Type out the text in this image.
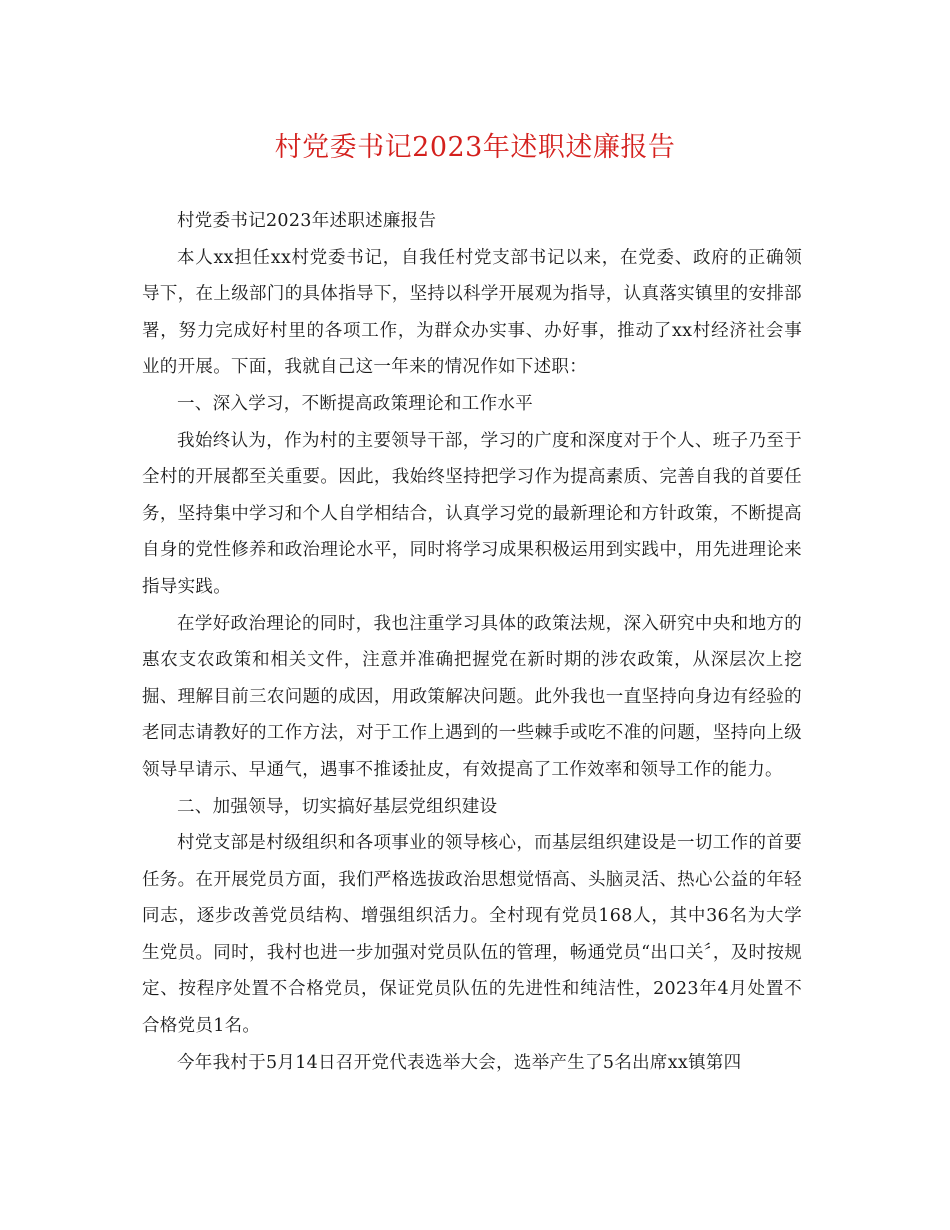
村党委书记2023年述职述廉报告

村党委书记2023年述职述廉报告

本人xx担任xx村党委书记，自我任村党支部书记以来，在党委、政府的正确领导下，在上级部门的具体指导下，坚持以科学开展观为指导，认真落实镇里的安排部署，努力完成好村里的各项工作，为群众办实事、办好事，推动了xx村经济社会事业的开展。下面，我就自己这一年来的情况作如下述职：

一、深入学习，不断提高政策理论和工作水平

我始终认为，作为村的主要领导干部，学习的广度和深度对于个人、班子乃至于全村的开展都至关重要。因此，我始终坚持把学习作为提高素质、完善自我的首要任务，坚持集中学习和个人自学相结合，认真学习党的最新理论和方针政策，不断提高自身的党性修养和政治理论水平，同时将学习成果积极运用到实践中，用先进理论来指导实践。

在学好政治理论的同时，我也注重学习具体的政策法规，深入研究中央和地方的惠农支农政策和相关文件，注意并准确把握党在新时期的涉农政策，从深层次上挖掘、理解目前三农问题的成因，用政策解决问题。此外我也一直坚持向身边有经验的老同志请教好的工作方法，对于工作上遇到的一些棘手或吃不准的问题，坚持向上级领导早请示、早通气，遇事不推诿扯皮，有效提高了工作效率和领导工作的能力。

二、加强领导，切实搞好基层党组织建设

村党支部是村级组织和各项事业的领导核心，而基层组织建设是一切工作的首要任务。在开展党员方面，我们严格选拔政治思想觉悟高、头脑灵活、热心公益的年轻同志，逐步改善党员结构、增强组织活力。全村现有党员168人，其中36名为大学生党员。同时，我村也进一步加强对党员队伍的管理，畅通党员“出口关〞，及时按规定、按程序处置不合格党员，保证党员队伍的先进性和纯洁性，2023年4月处置不合格党员1名。

今年我村于5月14日召开党代表选举大会，选举产生了5名出席xx镇第四
